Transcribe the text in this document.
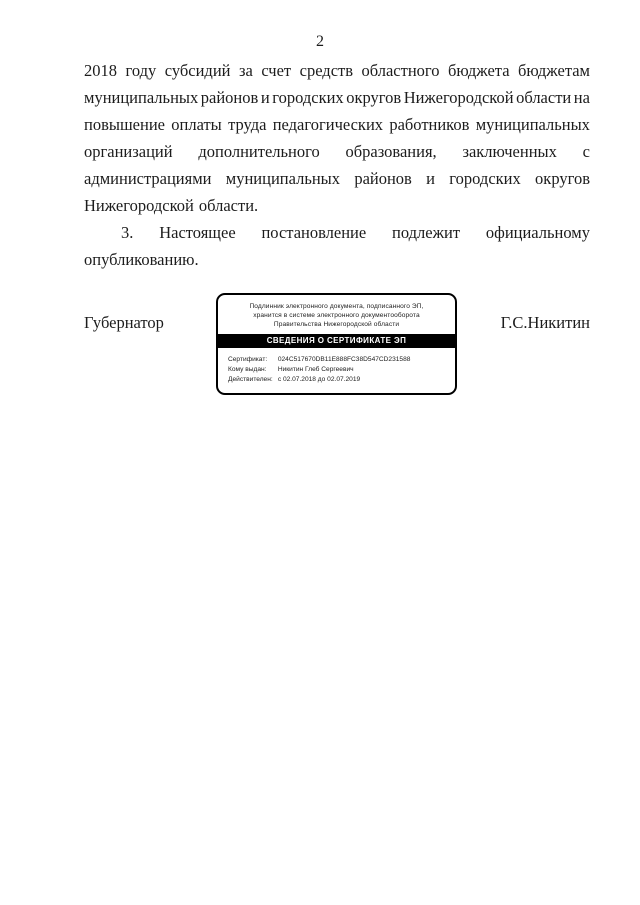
2
2018 году субсидий за счет средств областного бюджета бюджетам
муниципальных районов и городских округов Нижегородской области на
повышение оплаты труда педагогических работников муниципальных
организаций дополнительного образования, заключенных с
администрациями муниципальных районов и городских округов
Нижегородской области.
3. Настоящее постановление подлежит официальному
опубликованию.
Губернатор	Г.С.Никитин
Подлинник электронного документа, подписанного ЭП,
хранится в системе электронного документооборота
Правительства Нижегородской области
СВЕДЕНИЯ О СЕРТИФИКАТЕ ЭП
Сертификат: 024C517670DB11E888FC38D547CD231588
Кому выдан: Никитин Глеб Сергеевич
Действителен: с 02.07.2018 до 02.07.2019
